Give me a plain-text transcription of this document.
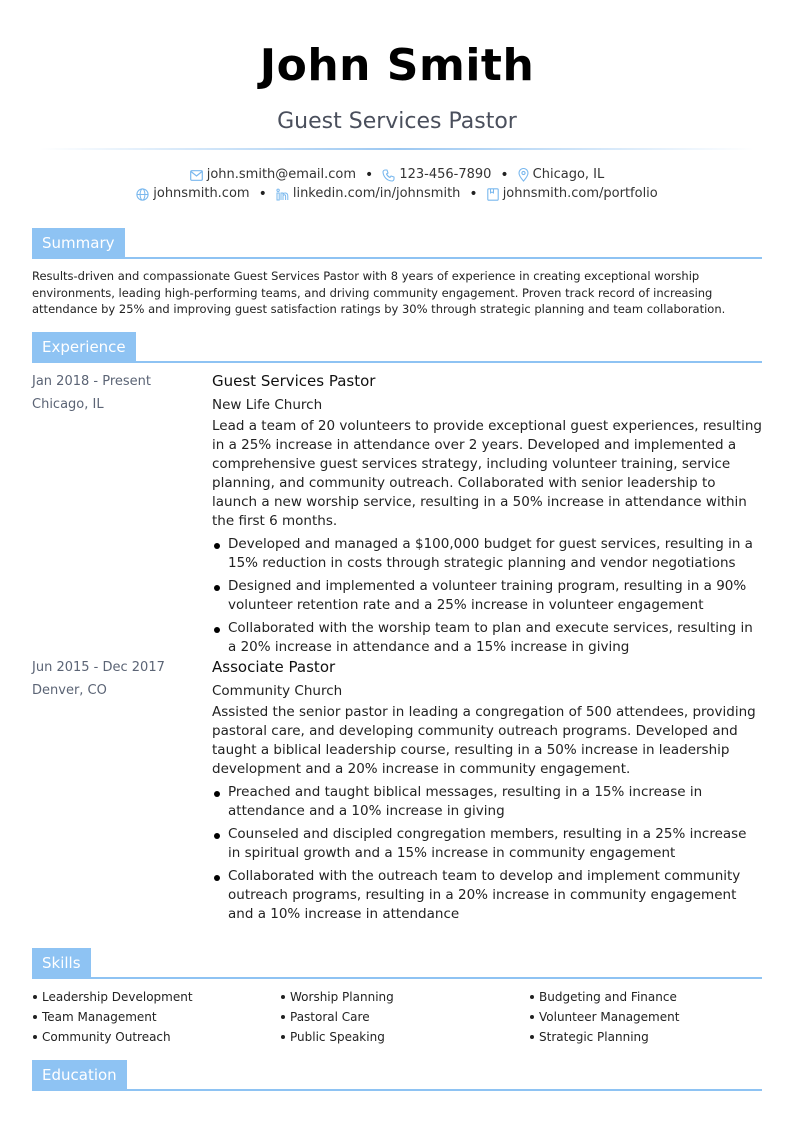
John Smith
Guest Services Pastor
john.smith@email.com • 123-456-7890 • Chicago, IL
johnsmith.com • linkedin.com/in/johnsmith • johnsmith.com/portfolio
Summary
Results-driven and compassionate Guest Services Pastor with 8 years of experience in creating exceptional worship environments, leading high-performing teams, and driving community engagement. Proven track record of increasing attendance by 25% and improving guest satisfaction ratings by 30% through strategic planning and team collaboration.
Experience
Jan 2018 - Present
Chicago, IL
Guest Services Pastor
New Life Church
Lead a team of 20 volunteers to provide exceptional guest experiences, resulting in a 25% increase in attendance over 2 years. Developed and implemented a comprehensive guest services strategy, including volunteer training, service planning, and community outreach. Collaborated with senior leadership to launch a new worship service, resulting in a 50% increase in attendance within the first 6 months.
Developed and managed a $100,000 budget for guest services, resulting in a 15% reduction in costs through strategic planning and vendor negotiations
Designed and implemented a volunteer training program, resulting in a 90% volunteer retention rate and a 25% increase in volunteer engagement
Collaborated with the worship team to plan and execute services, resulting in a 20% increase in attendance and a 15% increase in giving
Jun 2015 - Dec 2017
Denver, CO
Associate Pastor
Community Church
Assisted the senior pastor in leading a congregation of 500 attendees, providing pastoral care, and developing community outreach programs. Developed and taught a biblical leadership course, resulting in a 50% increase in leadership development and a 20% increase in community engagement.
Preached and taught biblical messages, resulting in a 15% increase in attendance and a 10% increase in giving
Counseled and discipled congregation members, resulting in a 25% increase in spiritual growth and a 15% increase in community engagement
Collaborated with the outreach team to develop and implement community outreach programs, resulting in a 20% increase in community engagement and a 10% increase in attendance
Skills
Leadership Development
Team Management
Community Outreach
Worship Planning
Pastoral Care
Public Speaking
Budgeting and Finance
Volunteer Management
Strategic Planning
Education
